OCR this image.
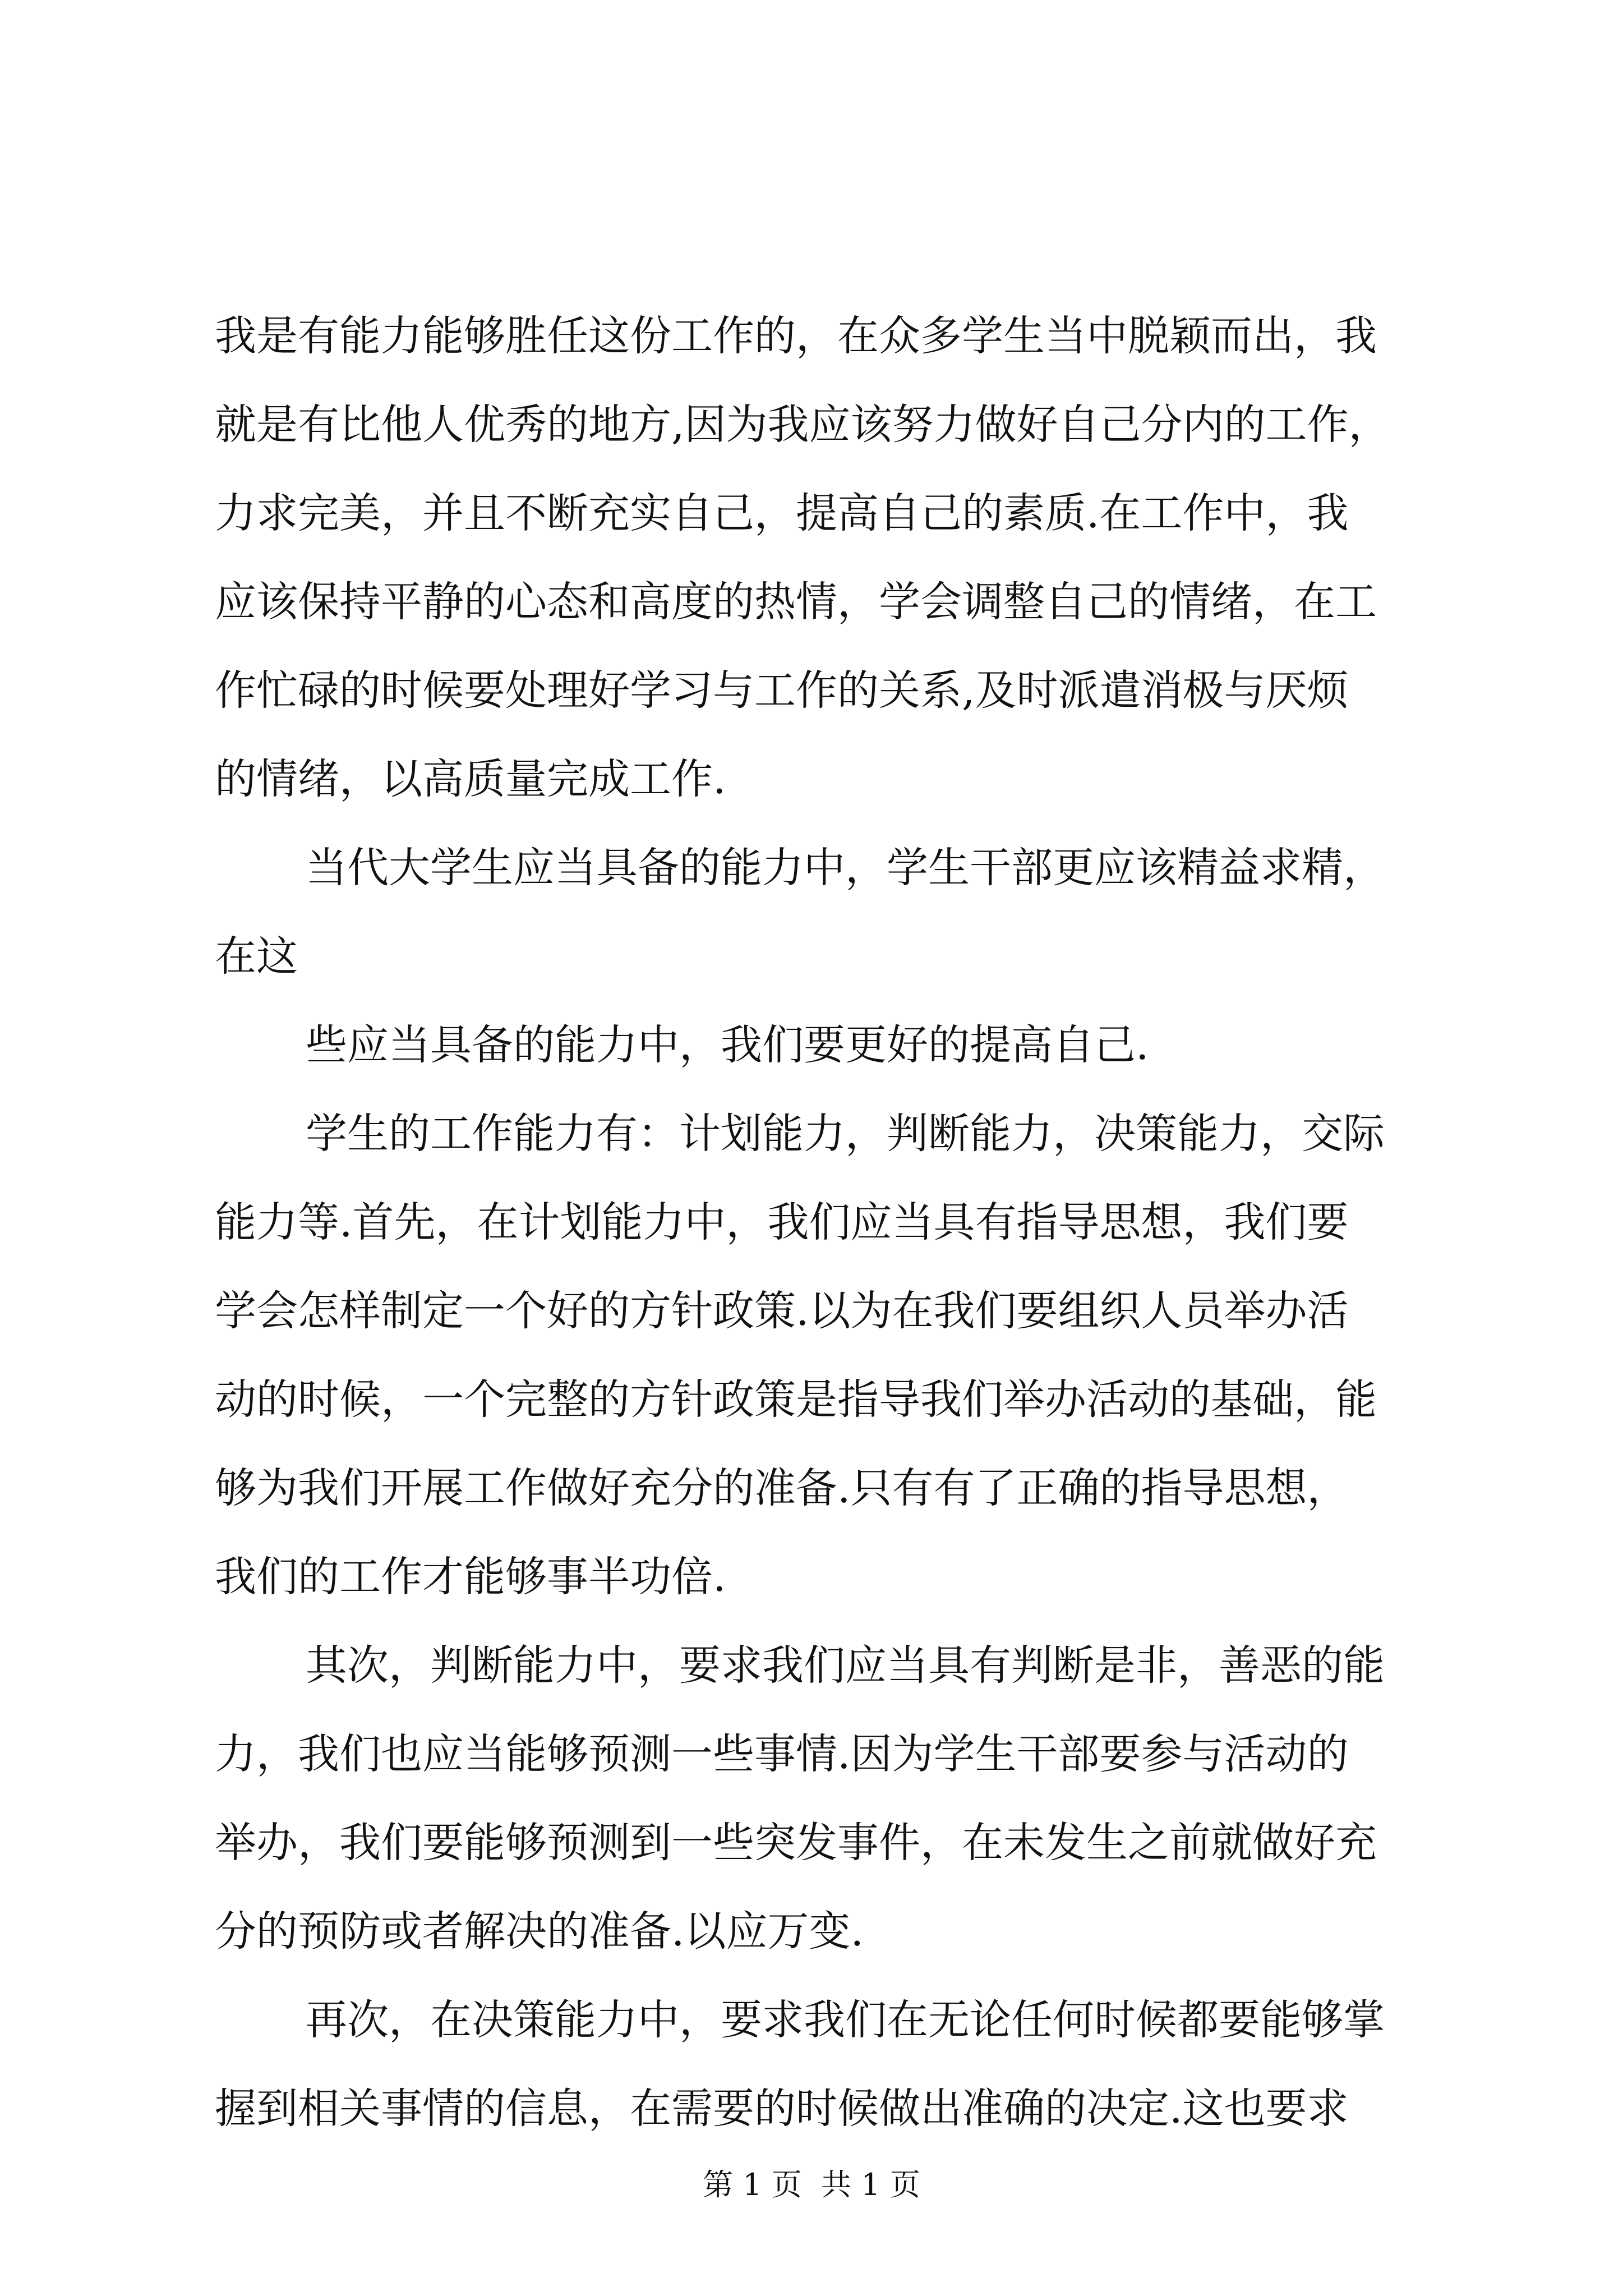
我是有能力能够胜任这份工作的，在众多学生当中脱颖而出，我
就是有比他人优秀的地方,因为我应该努力做好自己分内的工作，
力求完美，并且不断充实自己，提高自己的素质.在工作中，我
应该保持平静的心态和高度的热情，学会调整自己的情绪，在工
作忙碌的时候要处理好学习与工作的关系,及时派遣消极与厌烦
的情绪，以高质量完成工作.
当代大学生应当具备的能力中，学生干部更应该精益求精，
在这
些应当具备的能力中，我们要更好的提高自己.
学生的工作能力有：计划能力，判断能力，决策能力，交际
能力等.首先，在计划能力中，我们应当具有指导思想，我们要
学会怎样制定一个好的方针政策.以为在我们要组织人员举办活
动的时候，一个完整的方针政策是指导我们举办活动的基础，能
够为我们开展工作做好充分的准备.只有有了正确的指导思想，
我们的工作才能够事半功倍.
其次，判断能力中，要求我们应当具有判断是非，善恶的能
力，我们也应当能够预测一些事情.因为学生干部要参与活动的
举办，我们要能够预测到一些突发事件，在未发生之前就做好充
分的预防或者解决的准备.以应万变.
再次，在决策能力中，要求我们在无论任何时候都要能够掌
握到相关事情的信息，在需要的时候做出准确的决定.这也要求
第 1 页  共 1 页
